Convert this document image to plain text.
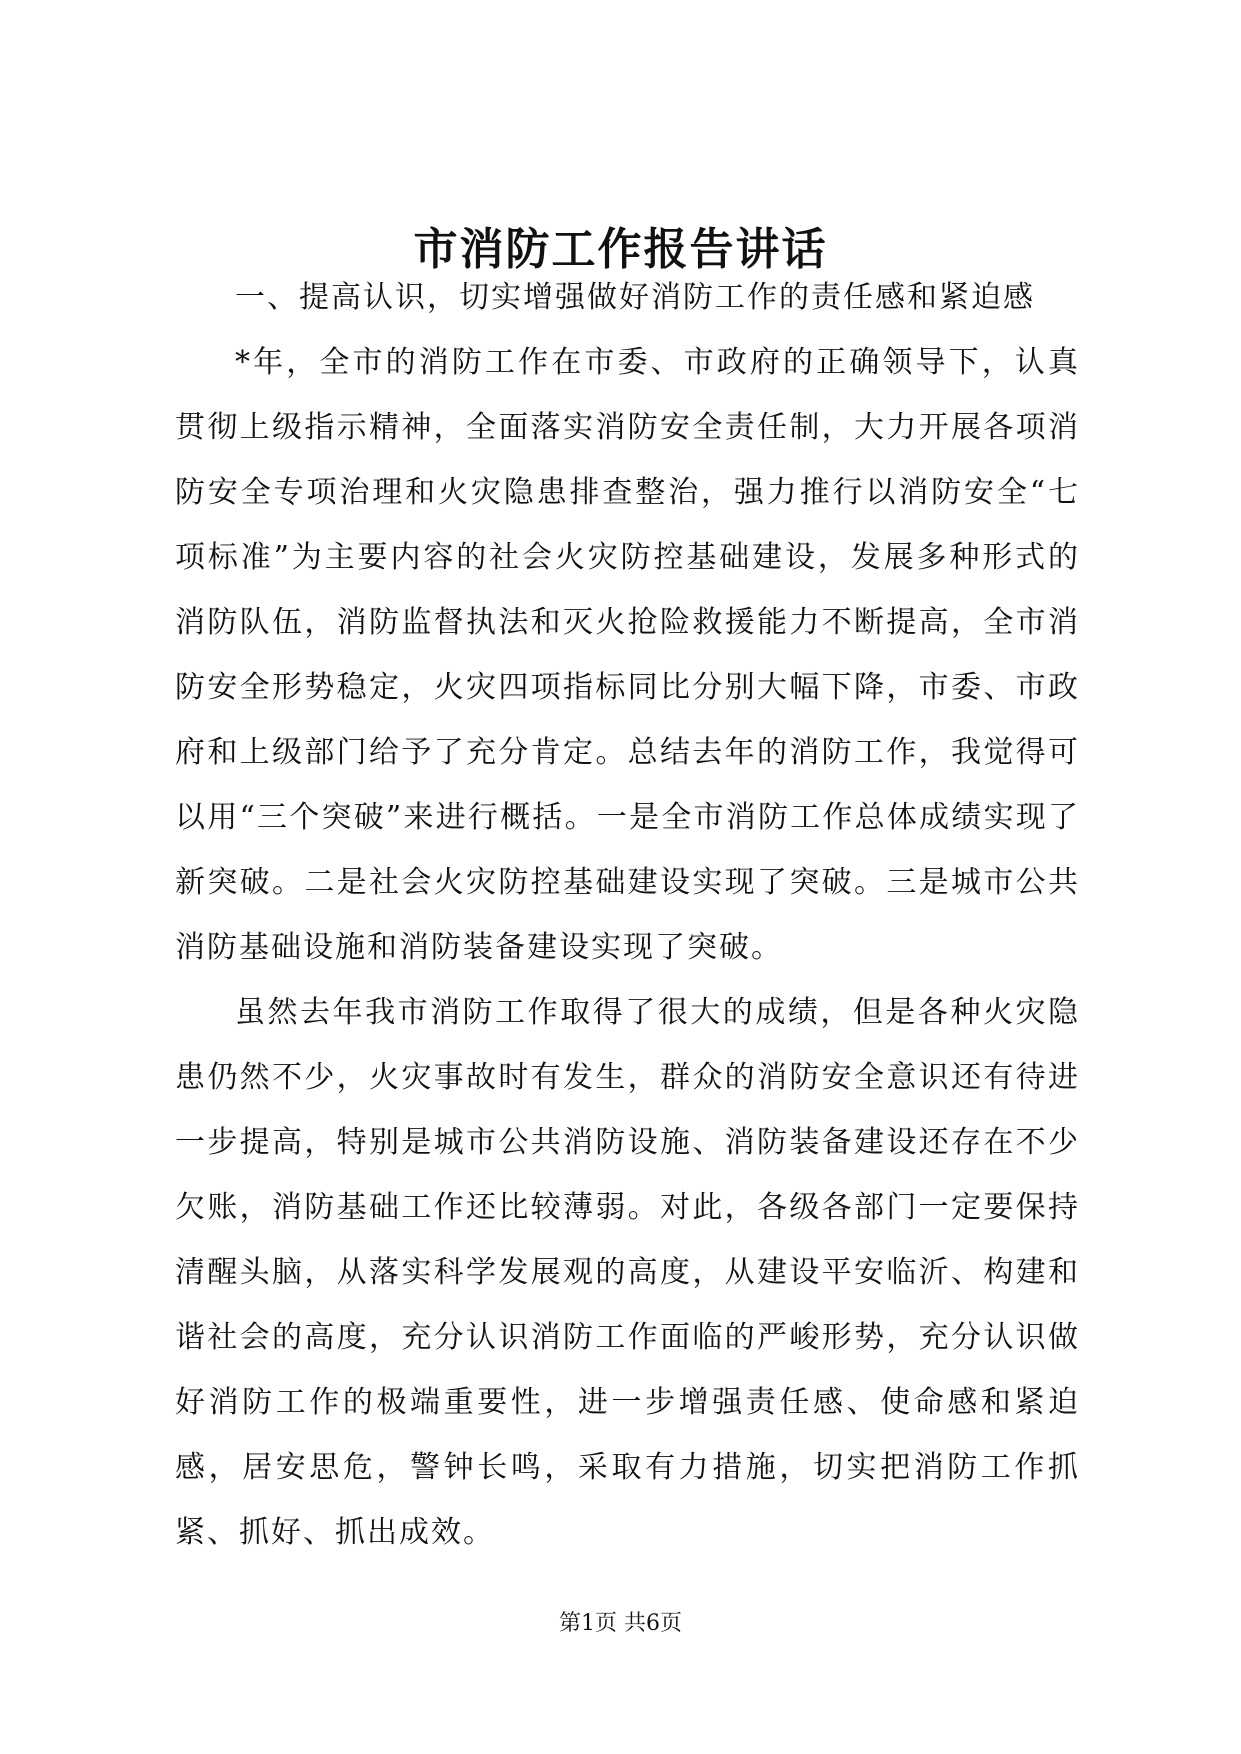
市消防工作报告讲话

一、提高认识，切实增强做好消防工作的责任感和紧迫感

*年，全市的消防工作在市委、市政府的正确领导下，认真贯彻上级指示精神，全面落实消防安全责任制，大力开展各项消防安全专项治理和火灾隐患排查整治，强力推行以消防安全“七项标准”为主要内容的社会火灾防控基础建设，发展多种形式的消防队伍，消防监督执法和灭火抢险救援能力不断提高，全市消防安全形势稳定，火灾四项指标同比分别大幅下降，市委、市政府和上级部门给予了充分肯定。总结去年的消防工作，我觉得可以用“三个突破”来进行概括。一是全市消防工作总体成绩实现了新突破。二是社会火灾防控基础建设实现了突破。三是城市公共消防基础设施和消防装备建设实现了突破。

虽然去年我市消防工作取得了很大的成绩，但是各种火灾隐患仍然不少，火灾事故时有发生，群众的消防安全意识还有待进一步提高，特别是城市公共消防设施、消防装备建设还存在不少欠账，消防基础工作还比较薄弱。对此，各级各部门一定要保持清醒头脑，从落实科学发展观的高度，从建设平安临沂、构建和谐社会的高度，充分认识消防工作面临的严峻形势，充分认识做好消防工作的极端重要性，进一步增强责任感、使命感和紧迫感，居安思危，警钟长鸣，采取有力措施，切实把消防工作抓紧、抓好、抓出成效。

第1页 共6页
